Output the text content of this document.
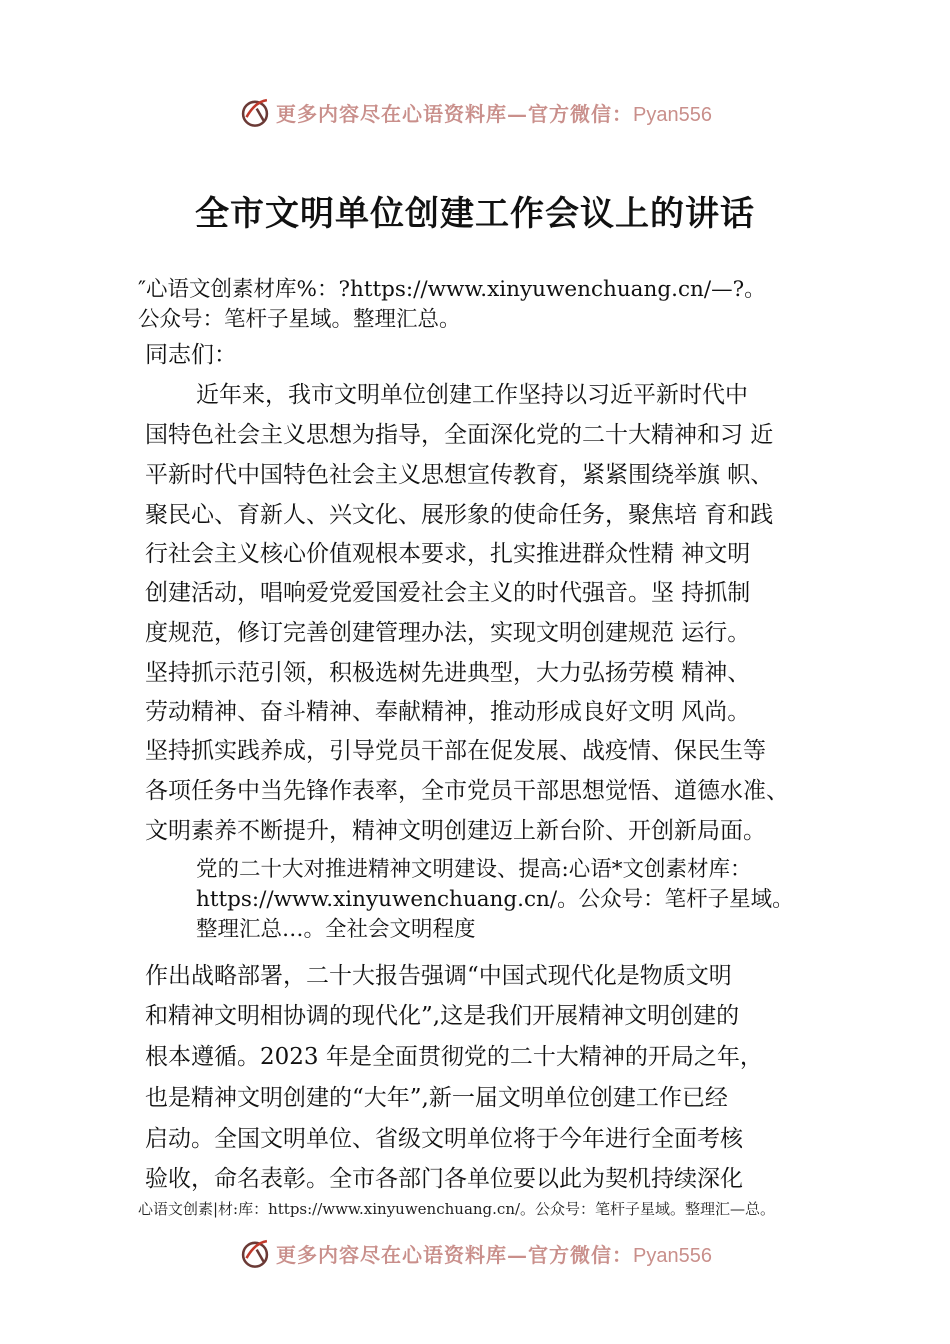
更多内容尽在心语资料库—官方微信：Pyan556
全市文明单位创建工作会议上的讲话
″心语文创素材库%：?https://www.xinyuwenchuang.cn/—?。
公众号：笔杆子星域。整理汇总。
同志们：
近年来，我市文明单位创建工作坚持以习近平新时代中
国特色社会主义思想为指导，全面深化党的二十大精神和习 近
平新时代中国特色社会主义思想宣传教育，紧紧围绕举旗 帜、
聚民心、育新人、兴文化、展形象的使命任务，聚焦培 育和践
行社会主义核心价值观根本要求，扎实推进群众性精 神文明
创建活动，唱响爱党爱国爱社会主义的时代强音。坚 持抓制
度规范，修订完善创建管理办法，实现文明创建规范 运行。
坚持抓示范引领，积极选树先进典型，大力弘扬劳模 精神、
劳动精神、奋斗精神、奉献精神，推动形成良好文明 风尚。
坚持抓实践养成，引导党员干部在促发展、战疫情、保民生等
各项任务中当先锋作表率，全市党员干部思想觉悟、道德水准、
文明素养不断提升，精神文明创建迈上新台阶、开创新局面。
党的二十大对推进精神文明建设、提高:心语*文创素材库：
https://www.xinyuwenchuang.cn/。公众号：笔杆子星域。
整理汇总…。全社会文明程度
作出战略部署，二十大报告强调“中国式现代化是物质文明
和精神文明相协调的现代化”,这是我们开展精神文明创建的
根本遵循。2023 年是全面贯彻党的二十大精神的开局之年，
也是精神文明创建的“大年”,新一届文明单位创建工作已经
启动。全国文明单位、省级文明单位将于今年进行全面考核
验收，命名表彰。全市各部门各单位要以此为契机持续深化
心语文创素|材:库：https://www.xinyuwenchuang.cn/。公众号：笔杆子星域。整理汇—总。
更多内容尽在心语资料库—官方微信：Pyan556
